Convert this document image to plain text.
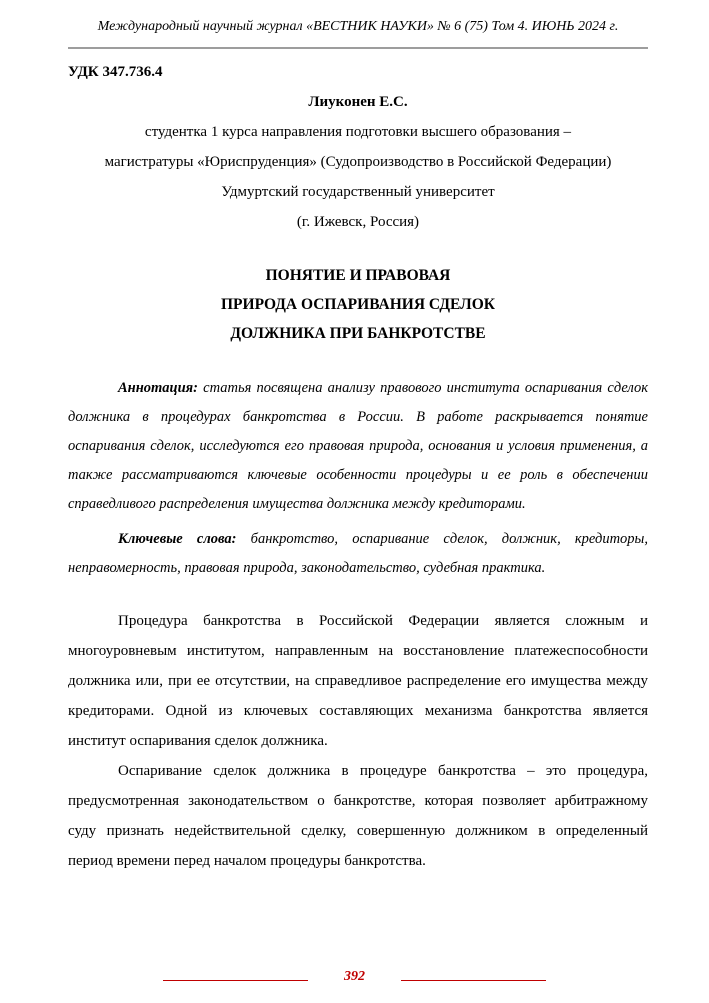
Международный научный журнал «ВЕСТНИК НАУКИ» № 6 (75) Том 4. ИЮНЬ 2024 г.
УДК 347.736.4
Лиуконен Е.С.
студентка 1 курса направления подготовки высшего образования –
магистратуры «Юриспруденция» (Судопроизводство в Российской Федерации)
Удмуртский государственный университет
(г. Ижевск, Россия)
ПОНЯТИЕ И ПРАВОВАЯ
ПРИРОДА ОСПАРИВАНИЯ СДЕЛОК
ДОЛЖНИКА ПРИ БАНКРОТСТВЕ

Аннотация: статья посвящена анализу правового института оспаривания сделок должника в процедурах банкротства в России. В работе раскрывается понятие оспаривания сделок, исследуются его правовая природа, основания и условия применения, а также рассматриваются ключевые особенности процедуры и ее роль в обеспечении справедливого распределения имущества должника между кредиторами.

Ключевые слова: банкротство, оспаривание сделок, должник, кредиторы, неправомерность, правовая природа, законодательство, судебная практика.

Процедура банкротства в Российской Федерации является сложным и многоуровневым институтом, направленным на восстановление платежеспособности должника или, при ее отсутствии, на справедливое распределение его имущества между кредиторами. Одной из ключевых составляющих механизма банкротства является институт оспаривания сделок должника.

Оспаривание сделок должника в процедуре банкротства – это процедура, предусмотренная законодательством о банкротстве, которая позволяет арбитражному суду признать недействительной сделку, совершенную должником в определенный период времени перед началом процедуры банкротства.

392
